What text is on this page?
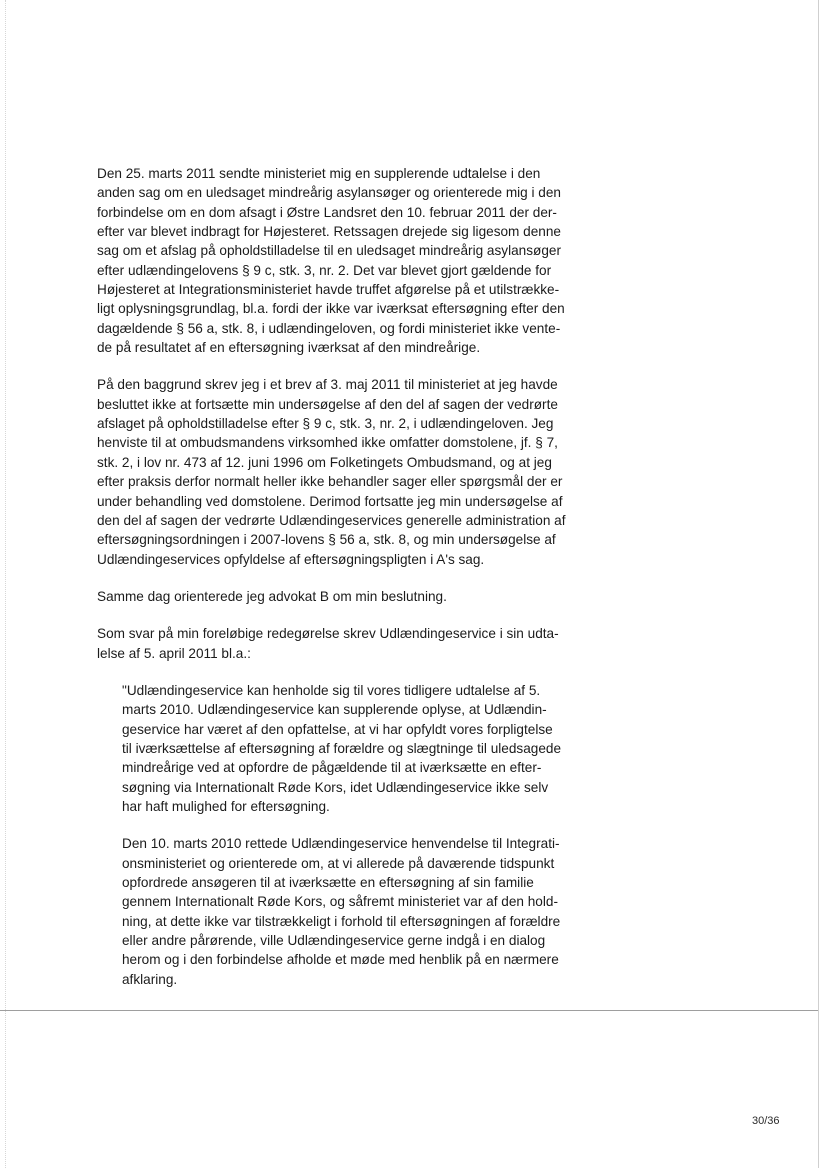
Den 25. marts 2011 sendte ministeriet mig en supplerende udtalelse i den
anden sag om en uledsaget mindreårig asylansøger og orienterede mig i den
forbindelse om en dom afsagt i Østre Landsret den 10. februar 2011 der der-
efter var blevet indbragt for Højesteret. Retssagen drejede sig ligesom denne
sag om et afslag på opholdstilladelse til en uledsaget mindreårig asylansøger
efter udlændingelovens § 9 c, stk. 3, nr. 2. Det var blevet gjort gældende for
Højesteret at Integrationsministeriet havde truffet afgørelse på et utilstrække-
ligt oplysningsgrundlag, bl.a. fordi der ikke var iværksat eftersøgning efter den
dagældende § 56 a, stk. 8, i udlændingeloven, og fordi ministeriet ikke vente-
de på resultatet af en eftersøgning iværksat af den mindreårige.
På den baggrund skrev jeg i et brev af 3. maj 2011 til ministeriet at jeg havde
besluttet ikke at fortsætte min undersøgelse af den del af sagen der vedrørte
afslaget på opholdstilladelse efter § 9 c, stk. 3, nr. 2, i udlændingeloven. Jeg
henviste til at ombudsmandens virksomhed ikke omfatter domstolene, jf. § 7,
stk. 2, i lov nr. 473 af 12. juni 1996 om Folketingets Ombudsmand, og at jeg
efter praksis derfor normalt heller ikke behandler sager eller spørgsmål der er
under behandling ved domstolene. Derimod fortsatte jeg min undersøgelse af
den del af sagen der vedrørte Udlændingeservices generelle administration af
eftersøgningsordningen i 2007-lovens § 56 a, stk. 8, og min undersøgelse af
Udlændingeservices opfyldelse af eftersøgningspligten i A's sag.
Samme dag orienterede jeg advokat B om min beslutning.
Som svar på min foreløbige redegørelse skrev Udlændingeservice i sin udta-
lelse af 5. april 2011 bl.a.:
"Udlændingeservice kan henholde sig til vores tidligere udtalelse af 5.
marts 2010. Udlændingeservice kan supplerende oplyse, at Udlændin-
geservice har været af den opfattelse, at vi har opfyldt vores forpligtelse
til iværksættelse af eftersøgning af forældre og slægtninge til uledsagede
mindreårige ved at opfordre de pågældende til at iværksætte en efter-
søgning via Internationalt Røde Kors, idet Udlændingeservice ikke selv
har haft mulighed for eftersøgning.
Den 10. marts 2010 rettede Udlændingeservice henvendelse til Integrati-
onsministeriet og orienterede om, at vi allerede på daværende tidspunkt
opfordrede ansøgeren til at iværksætte en eftersøgning af sin familie
gennem Internationalt Røde Kors, og såfremt ministeriet var af den hold-
ning, at dette ikke var tilstrækkeligt i forhold til eftersøgningen af forældre
eller andre pårørende, ville Udlændingeservice gerne indgå i en dialog
herom og i den forbindelse afholde et møde med henblik på en nærmere
afklaring.
30/36
